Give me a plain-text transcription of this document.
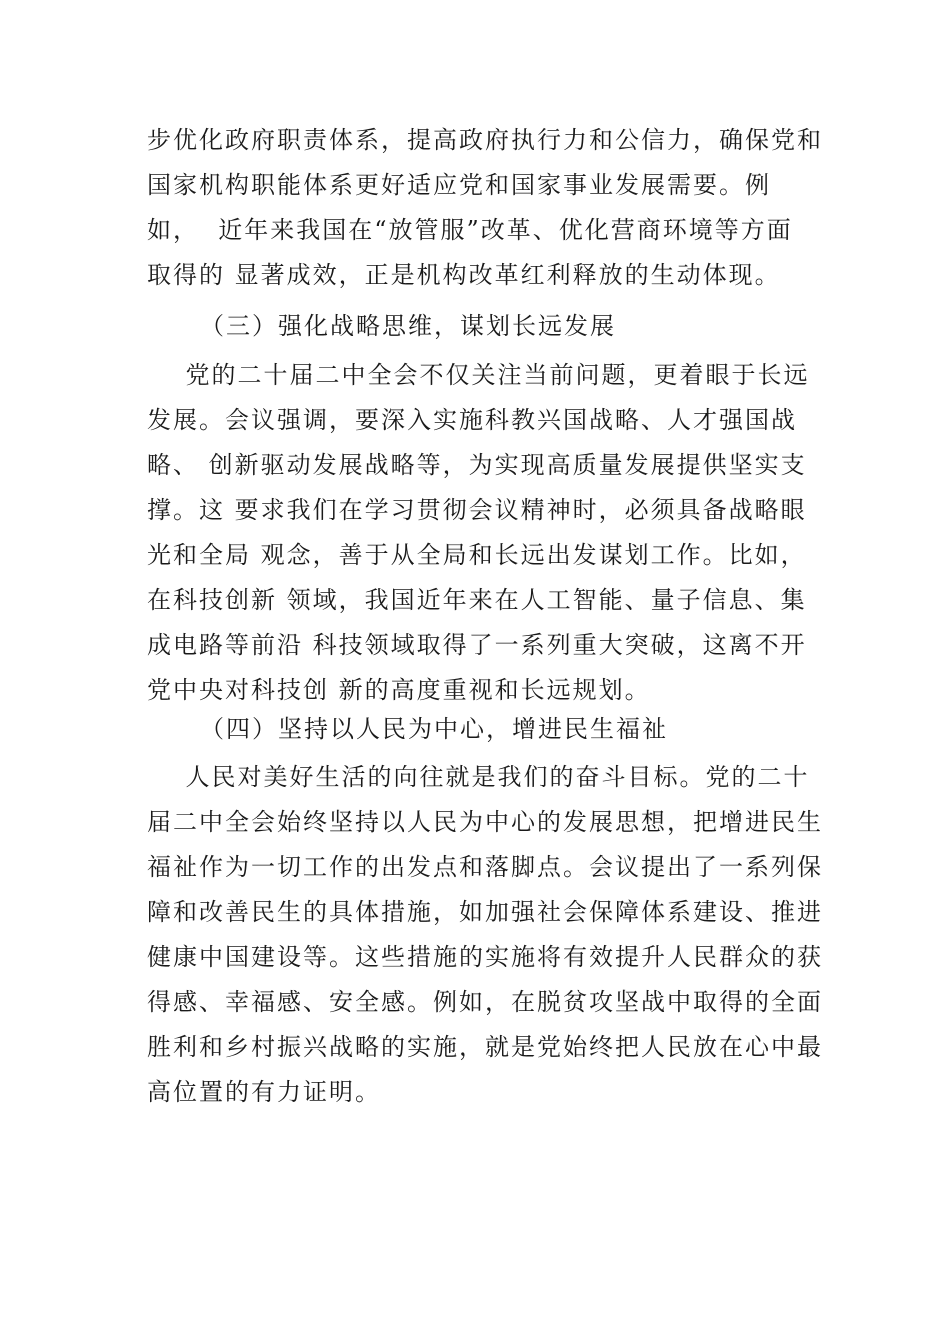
步优化政府职责体系，提高政府执行力和公信力，确保党和
国家机构职能体系更好适应党和国家事业发展需要。例
如，  近年来我国在“放管服”改革、优化营商环境等方面
取得的 显著成效，正是机构改革红利释放的生动体现。
（三）强化战略思维，谋划长远发展
党的二十届二中全会不仅关注当前问题，更着眼于长远
发展。会议强调，要深入实施科教兴国战略、人才强国战
略、 创新驱动发展战略等，为实现高质量发展提供坚实支
撑。这 要求我们在学习贯彻会议精神时，必须具备战略眼
光和全局 观念，善于从全局和长远出发谋划工作。比如，
在科技创新 领域，我国近年来在人工智能、量子信息、集
成电路等前沿 科技领域取得了一系列重大突破，这离不开
党中央对科技创 新的高度重视和长远规划。
（四）坚持以人民为中心，增进民生福祉
人民对美好生活的向往就是我们的奋斗目标。党的二十
届二中全会始终坚持以人民为中心的发展思想，把增进民生
福祉作为一切工作的出发点和落脚点。会议提出了一系列保
障和改善民生的具体措施，如加强社会保障体系建设、推进
健康中国建设等。这些措施的实施将有效提升人民群众的获
得感、幸福感、安全感。例如，在脱贫攻坚战中取得的全面
胜利和乡村振兴战略的实施，就是党始终把人民放在心中最
高位置的有力证明。
